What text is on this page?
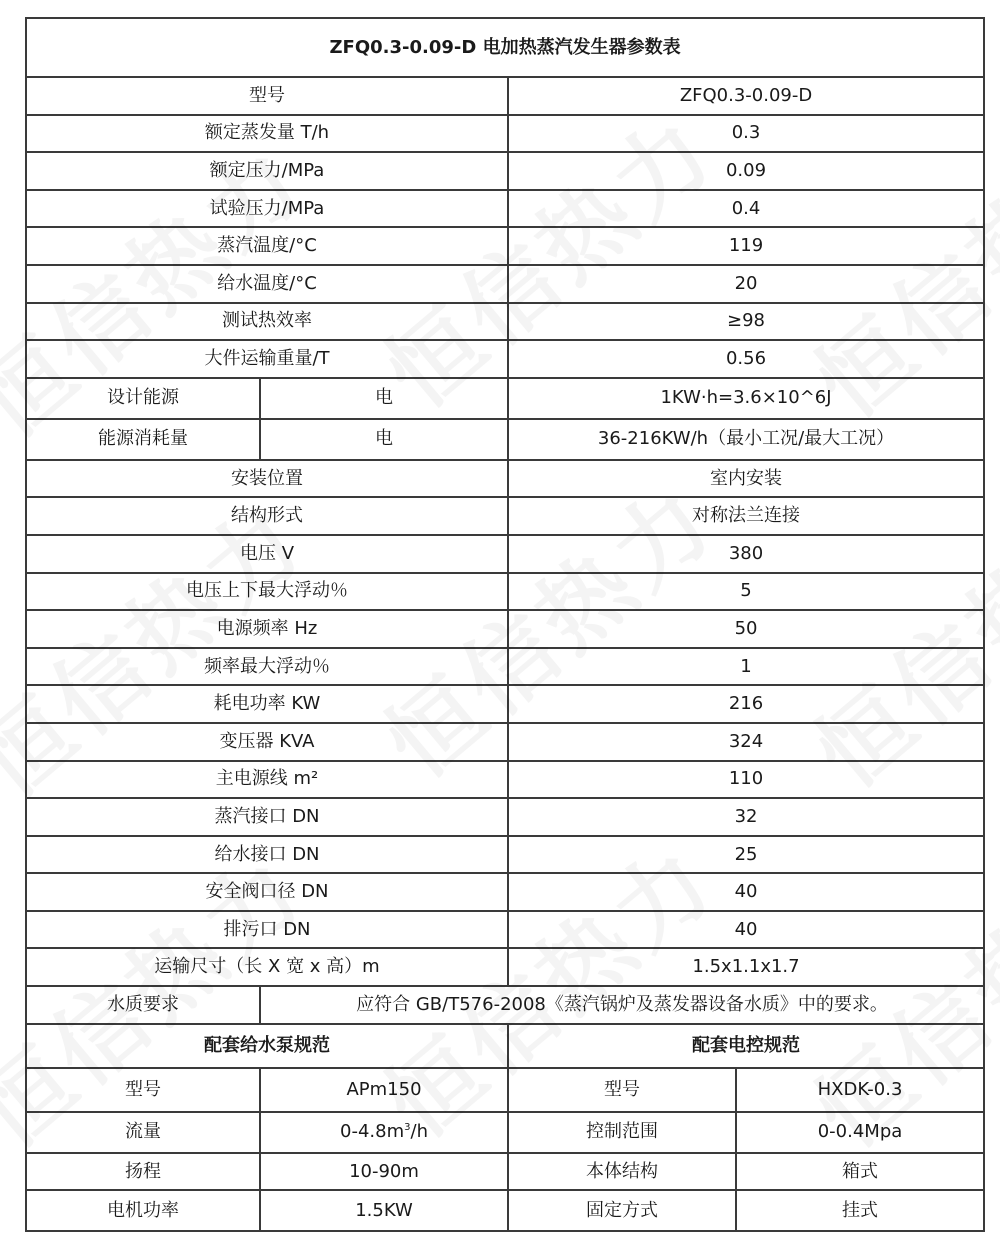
ZFQ0.3-0.09-D 电加热蒸汽发生器参数表			
型号		ZFQ0.3-0.09-D	
额定蒸发量 T/h		0.3	
额定压力/MPa		0.09	
试验压力/MPa		0.4	
蒸汽温度/°C		119	
给水温度/°C		20	
测试热效率		≥98	
大件运输重量/T		0.56	
设计能源	电	1KW·h=3.6×10^6J	
能源消耗量	电	36-216KW/h（最小工况/最大工况）	
安装位置		室内安装	
结构形式		对称法兰连接	
电压 V		380	
电压上下最大浮动％		5	
电源频率 Hz		50	
频率最大浮动％		1	
耗电功率 KW		216	
变压器 KVA		324	
主电源线 m²		110	
蒸汽接口 DN		32	
给水接口 DN		25	
安全阀口径 DN		40	
排污口 DN		40	
运输尺寸（长 X 宽 x 高）m		1.5x1.1x1.7	
水质要求	应符合 GB/T576-2008《蒸汽锅炉及蒸发器设备水质》中的要求。		
配套给水泵规范		配套电控规范	
型号	APm150	型号	HXDK-0.3
流量	$0-4.8m^3/h$	控制范围	0-0.4Mpa
扬程	10-90m	本体结构	箱式
电机功率	1.5KW	固定方式	挂式
